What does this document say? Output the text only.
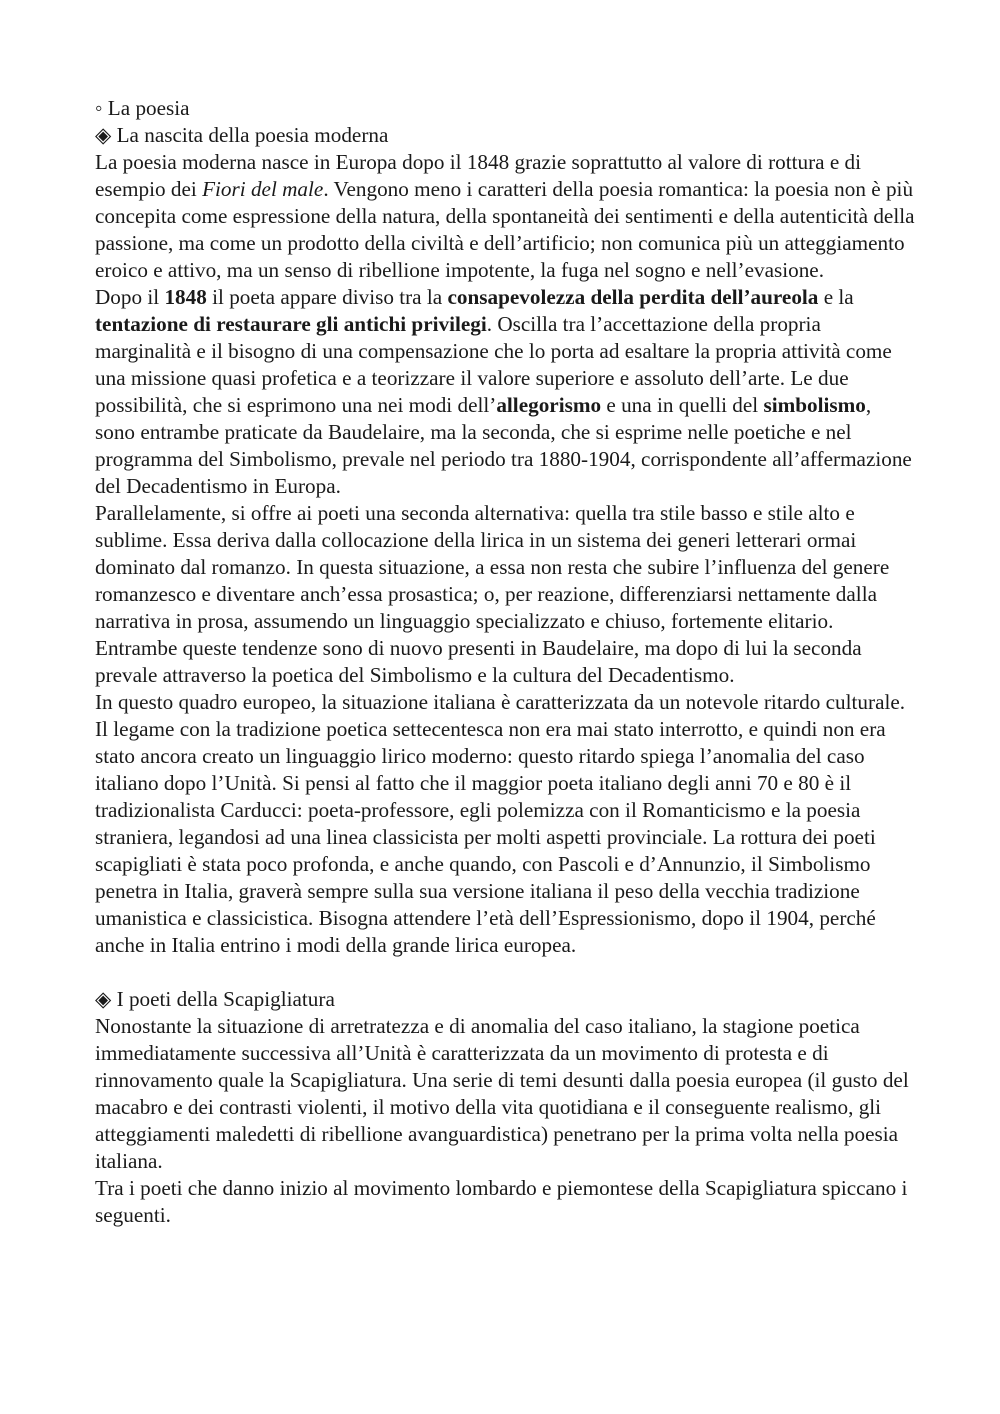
◦ La poesia

◈ La nascita della poesia moderna

La poesia moderna nasce in Europa dopo il 1848 grazie soprattutto al valore di rottura e di esempio dei Fiori del male. Vengono meno i caratteri della poesia romantica: la poesia non è più concepita come espressione della natura, della spontaneità dei sentimenti e della autenticità della passione, ma come un prodotto della civiltà e dell’artificio; non comunica più un atteggiamento eroico e attivo, ma un senso di ribellione impotente, la fuga nel sogno e nell’evasione.

Dopo il 1848 il poeta appare diviso tra la consapevolezza della perdita dell’aureola e la tentazione di restaurare gli antichi privilegi. Oscilla tra l’accettazione della propria marginalità e il bisogno di una compensazione che lo porta ad esaltare la propria attività come una missione quasi profetica e a teorizzare il valore superiore e assoluto dell’arte. Le due possibilità, che si esprimono una nei modi dell’allegorismo e una in quelli del simbolismo, sono entrambe praticate da Baudelaire, ma la seconda, che si esprime nelle poetiche e nel programma del Simbolismo, prevale nel periodo tra 1880-1904, corrispondente all’affermazione del Decadentismo in Europa.

Parallelamente, si offre ai poeti una seconda alternativa: quella tra stile basso e stile alto e sublime. Essa deriva dalla collocazione della lirica in un sistema dei generi letterari ormai dominato dal romanzo. In questa situazione, a essa non resta che subire l’influenza del genere romanzesco e diventare anch’essa prosastica; o, per reazione, differenziarsi nettamente dalla narrativa in prosa, assumendo un linguaggio specializzato e chiuso, fortemente elitario. Entrambe queste tendenze sono di nuovo presenti in Baudelaire, ma dopo di lui la seconda prevale attraverso la poetica del Simbolismo e la cultura del Decadentismo.

In questo quadro europeo, la situazione italiana è caratterizzata da un notevole ritardo culturale. Il legame con la tradizione poetica settecentesca non era mai stato interrotto, e quindi non era stato ancora creato un linguaggio lirico moderno: questo ritardo spiega l’anomalia del caso italiano dopo l’Unità. Si pensi al fatto che il maggior poeta italiano degli anni 70 e 80 è il tradizionalista Carducci: poeta-professore, egli polemizza con il Romanticismo e la poesia straniera, legandosi ad una linea classicista per molti aspetti provinciale. La rottura dei poeti scapigliati è stata poco profonda, e anche quando, con Pascoli e d’Annunzio, il Simbolismo penetra in Italia, graverà sempre sulla sua versione italiana il peso della vecchia tradizione umanistica e classicistica. Bisogna attendere l’età dell’Espressionismo, dopo il 1904, perché anche in Italia entrino i modi della grande lirica europea.

◈ I poeti della Scapigliatura

Nonostante la situazione di arretratezza e di anomalia del caso italiano, la stagione poetica immediatamente successiva all’Unità è caratterizzata da un movimento di protesta e di rinnovamento quale la Scapigliatura. Una serie di temi desunti dalla poesia europea (il gusto del macabro e dei contrasti violenti, il motivo della vita quotidiana e il conseguente realismo, gli atteggiamenti maledetti di ribellione avanguardistica) penetrano per la prima volta nella poesia italiana.

Tra i poeti che danno inizio al movimento lombardo e piemontese della Scapigliatura spiccano i seguenti.
